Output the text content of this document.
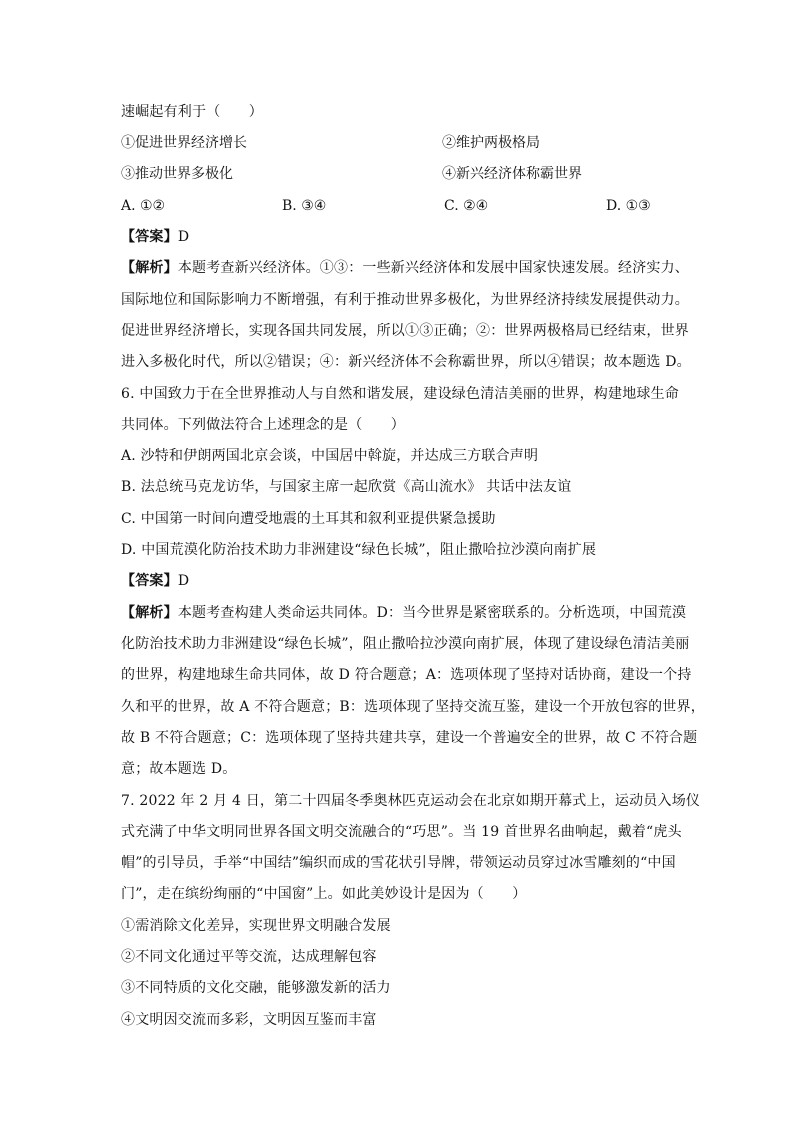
速崛起有利于（　　）
①促进世界经济增长	②维护两极格局
③推动世界多极化	④新兴经济体称霸世界
A. ①②	B. ③④	C. ②④	D. ①③
【答案】D
【解析】本题考查新兴经济体。①③：一些新兴经济体和发展中国家快速发展。经济实力、
国际地位和国际影响力不断增强，有利于推动世界多极化，为世界经济持续发展提供动力。
促进世界经济增长，实现各国共同发展，所以①③正确；②：世界两极格局已经结束，世界
进入多极化时代，所以②错误；④：新兴经济体不会称霸世界，所以④错误；故本题选 D。
6. 中国致力于在全世界推动人与自然和谐发展，建设绿色清洁美丽的世界，构建地球生命
共同体。下列做法符合上述理念的是（　　）
A. 沙特和伊朗两国北京会谈，中国居中斡旋，并达成三方联合声明
B. 法总统马克龙访华，与国家主席一起欣赏《高山流水》 共话中法友谊
C. 中国第一时间向遭受地震的土耳其和叙利亚提供紧急援助
D. 中国荒漠化防治技术助力非洲建设“绿色长城”，阻止撒哈拉沙漠向南扩展
【答案】D
【解析】本题考查构建人类命运共同体。D：当今世界是紧密联系的。分析选项，中国荒漠
化防治技术助力非洲建设“绿色长城”，阻止撒哈拉沙漠向南扩展，体现了建设绿色清洁美丽
的世界，构建地球生命共同体，故 D 符合题意；A：选项体现了坚持对话协商，建设一个持
久和平的世界，故 A 不符合题意；B：选项体现了坚持交流互鉴，建设一个开放包容的世界，
故 B 不符合题意；C：选项体现了坚持共建共享，建设一个普遍安全的世界，故 C 不符合题
意；故本题选 D。
7. 2022 年 2 月 4 日，第二十四届冬季奥林匹克运动会在北京如期开幕式上，运动员入场仪
式充满了中华文明同世界各国文明交流融合的“巧思”。当 19 首世界名曲响起，戴着“虎头
帽”的引导员，手举“中国结”编织而成的雪花状引导牌，带领运动员穿过冰雪雕刻的“中国
门”，走在缤纷绚丽的“中国窗”上。如此美妙设计是因为（　　）
①需消除文化差异，实现世界文明融合发展
②不同文化通过平等交流，达成理解包容
③不同特质的文化交融，能够激发新的活力
④文明因交流而多彩，文明因互鉴而丰富
